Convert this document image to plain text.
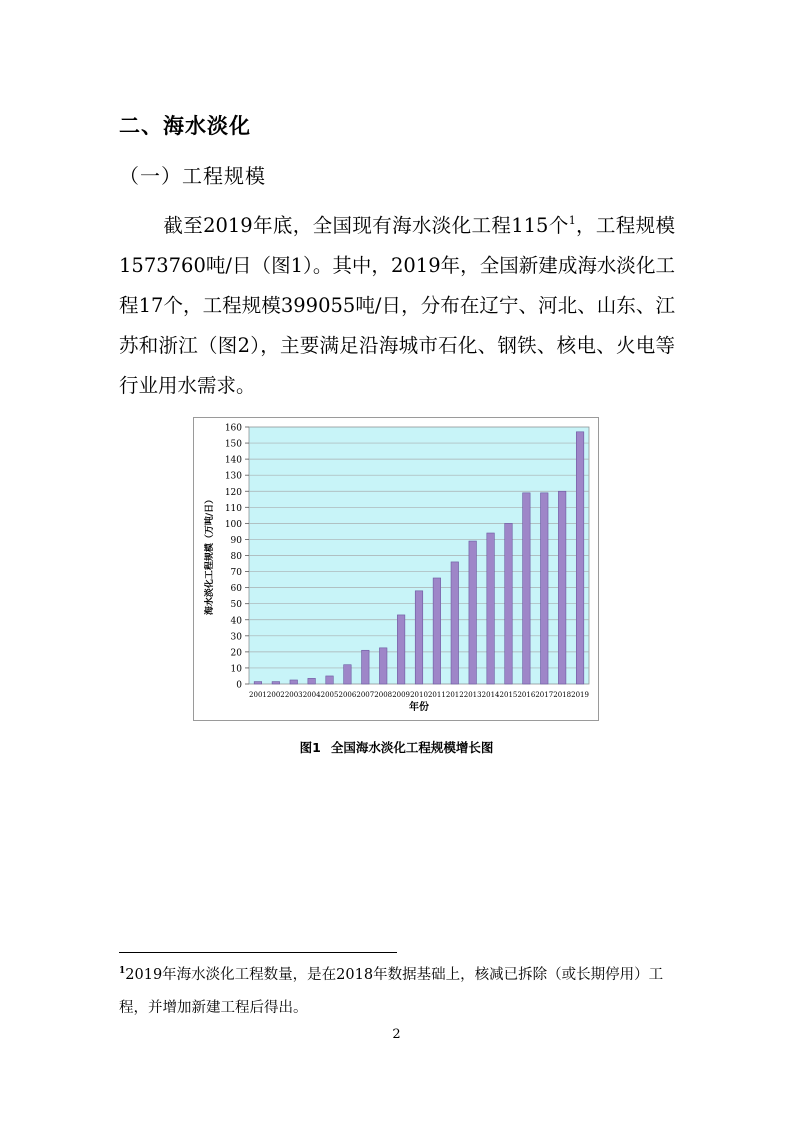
二、海水淡化
（一）工程规模

截至2019年底，全国现有海水淡化工程115个$^1$，工程规模1573760吨/日（图1）。其中，2019年，全国新建成海水淡化工程17个，工程规模399055吨/日，分布在辽宁、河北、山东、江苏和浙江（图2），主要满足沿海城市石化、钢铁、核电、火电等行业用水需求。

0
10
20
30
40
50
60
70
80
90
100
110
120
130
140
150
160
2001 2002 2003 2004 2005 2006 2007 2008 2009 2010 2011 2012 2013 2014 2015 2016 2017 2018 2019
年份
海水淡化工程规模（万吨/日）
图1 全国海水淡化工程规模增长图

$^1$2019年海水淡化工程数量，是在2018年数据基础上，核减已拆除（或长期停用）工程，并增加新建工程后得出。

2
